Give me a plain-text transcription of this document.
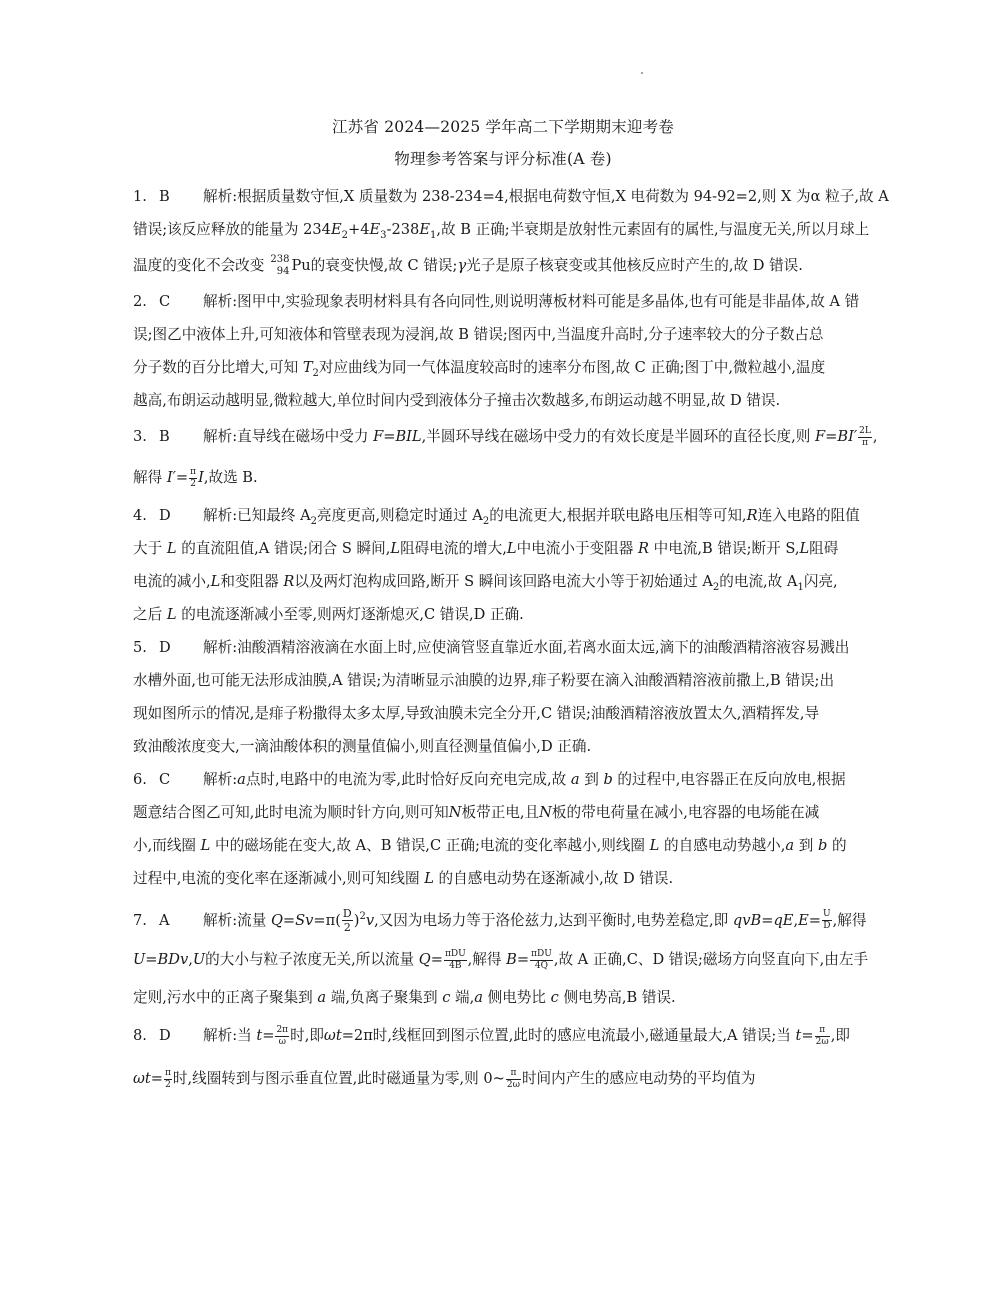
江苏省 2024—2025 学年高二下学期期末迎考卷
物理参考答案与评分标准(A 卷)
1. B 解析:根据质量数守恒,X 质量数为 238-234=4,根据电荷数守恒,X 电荷数为 94-92=2,则 X 为α 粒子,故 A
错误;该反应释放的能量为 $234E_2+4E_3-238E_1$,故 B 正确;半衰期是放射性元素固有的属性,与温度无关,所以月球上
温度的变化不会改变 238
94 Pu的衰变快慢,故 C 错误;γ光子是原子核衰变或其他核反应时产生的,故 D 错误.
2. C 解析:图甲中,实验现象表明材料具有各向同性,则说明薄板材料可能是多晶体,也有可能是非晶体,故 A 错
误;图乙中液体上升,可知液体和管壁表现为浸润,故 B 错误;图丙中,当温度升高时,分子速率较大的分子数占总
分子数的百分比增大,可知 $T_2$对应曲线为同一气体温度较高时的速率分布图,故 C 正确;图丁中,微粒越小,温度
越高,布朗运动越明显,微粒越大,单位时间内受到液体分子撞击次数越多,布朗运动越不明显,故 D 错误.
3. B 解析:直导线在磁场中受力 F=BIL,半圆环导线在磁场中受力的有效长度是半圆环的直径长度,则 $F=BI' \frac{2L}{\pi}$ ,
解得 $I'= \frac{\pi}{2} I$,故选 B.
4. D 解析:已知最终 $A_2$亮度更高,则稳定时通过 $A_2$的电流更大,根据并联电路电压相等可知,R连入电路的阻值
大于 L 的直流阻值,A 错误;闭合 S 瞬间,L阻碍电流的增大,L中电流小于变阻器 R 中电流,B 错误;断开 S,L阻碍
电流的减小,L和变阻器 R以及两灯泡构成回路,断开 S 瞬间该回路电流大小等于初始通过 $A_2$的电流,故 $A_1$闪亮,
之后 L 的电流逐渐减小至零,则两灯逐渐熄灭,C 错误,D 正确.
5. D 解析:油酸酒精溶液滴在水面上时,应使滴管竖直靠近水面,若离水面太远,滴下的油酸酒精溶液容易溅出
水槽外面,也可能无法形成油膜,A 错误;为清晰显示油膜的边界,痱子粉要在滴入油酸酒精溶液前撒上,B 错误;出
现如图所示的情况,是痱子粉撒得太多太厚,导致油膜未完全分开,C 错误;油酸酒精溶液放置太久,酒精挥发,导
致油酸浓度变大,一滴油酸体积的测量值偏小,则直径测量值偏小,D 正确.
6. C 解析:a点时,电路中的电流为零,此时恰好反向充电完成,故 a 到 b 的过程中,电容器正在反向放电,根据
题意结合图乙可知,此时电流为顺时针方向,则可知N板带正电,且N板的带电荷量在减小,电容器的电场能在减
小,而线圈 L 中的磁场能在变大,故 A、B 错误,C 正确;电流的变化率越小,则线圈 L 的自感电动势越小,a 到 b 的
过程中,电流的变化率在逐渐减小,则可知线圈 L 的自感电动势在逐渐减小,故 D 错误.
7. A 解析:流量 $Q=Sv=\pi( \frac{D}{2} )^2v$,又因为电场力等于洛伦兹力,达到平衡时,电势差稳定,即 $qvB=qE,E= \frac{U}{D}$ ,解得
U=BDv,U的大小与粒子浓度无关,所以流量 $Q= \frac{\text{πDU}}{4B}$ ,解得 $B= \frac{\text{πDU}}{4Q}$ ,故 A 正确,C、D 错误;磁场方向竖直向下,由左手
定则,污水中的正离子聚集到 a 端,负离子聚集到 c 端,a 侧电势比 c 侧电势高,B 错误.
8. D 解析:当 $t= \frac{2\pi}{\omega}$ 时,即ωt=2π时,线框回到图示位置,此时的感应电流最小,磁通量最大,A 错误;当 $t= \frac{\pi}{2\omega}$ ,即
$\omega t= \frac{\pi}{2}$ 时,线圈转到与图示垂直位置,此时磁通量为零,则 0~ $\frac{\pi}{2\omega}$ 时间内产生的感应电动势的平均值为
